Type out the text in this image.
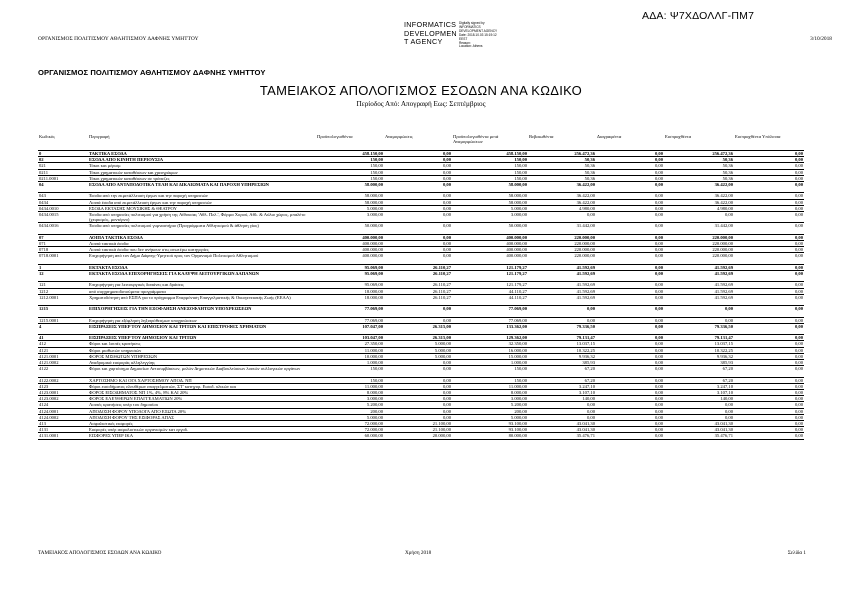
ΑΔΑ: Ψ7ΧΔΟΛΛΓ-ΠΜ7
ΟΡΓΑΝΙΣΜΟΣ ΠΟΛΙΤΙΣΜΟΥ ΑΘΛΗΤΙΣΜΟΥ ΔΑΦΝΗΣ ΥΜΗΤΤΟΥ	3/10/2018
INFORMATICS
DEVELOPMEN
T AGENCY
Digitally signed by
INFORMATICS
DEVELOPMENT AGENCY
Date: 2018.10.03 15:19:12
EEST
Reason:
Location: Athens
ΟΡΓΑΝΙΣΜΟΣ ΠΟΛΙΤΙΣΜΟΥ ΑΘΛΗΤΙΣΜΟΥ ΔΑΦΝΗΣ ΥΜΗΤΤΟΥ
ΤΑΜΕΙΑΚΟΣ ΑΠΟΛΟΓΙΣΜΟΣ ΕΣΟΔΩΝ ΑΝΑ ΚΩΔΙΚΟ
Περίοδος Από: Απογραφή Εως: Σεπτέμβριος
Κωδικός	Περιγραφή	Προϋπολογισθέντα	Αναμορφώσεις	Προϋπολογισθέντα μετά Αναμορφώσεων	Βεβαιωθέντα	Διαγραφέντα	Εισπραχθέντα	Εισπραχθέντα Υπόλοιπα
0	ΤΑΚΤΙΚΑ ΕΣΟΔΑ	458.150,00	0,00	458.150,00	256.472,36	0,00	256.472,36	0,00
02	ΕΣΟΔΑ ΑΠΟ ΚΙΝΗΤΗ ΠΕΡΙΟΥΣΙΑ	150,00	0,00	150,00	50,36	0,00	50,36	0,00
021	Τόκοι και μέρισμ	150,00	0,00	150,00	50,36	0,00	50,36	0,00
0211	Τόκοι χρηματικών καταθέσεων και χρεογράφων	150,00	0,00	150,00	50,36	0,00	50,36	0,00
0211.0001	Τόκοι χρηματικών καταθέσεων σε τράπεζες	150,00	0,00	150,00	50,36	0,00	50,36	0,00
04	ΕΣΟΔΑ ΑΠΟ ΑΝΤΑΠΟΔΟΤΙΚΑ ΤΕΛΗ ΚΑΙ ΔΙΚΑΙΩΜΑΤΑ ΚΑΙ ΠΑΡΟΧΗ ΥΠΗΡΕΣΙΩΝ	58.000,00	0,00	58.000,00	36.422,00	0,00	36.422,00	0,00
043	Έσοδα από την εκμετάλλευση έργων και την παροχή υπηρεσιών	58.000,00	0,00	58.000,00	36.422,00	0,00	36.422,00	0,00
0434	Λοιπά έσοδα από εκμετάλλευση έργων και την παροχή υπηρεσιών	58.000,00	0,00	58.000,00	36.422,00	0,00	36.422,00	0,00
0434.0010	ΕΣΟΔΑ ΕΚΤΑΣΗΣ ΜΟΥΣΙΚΗΣ & ΘΕΑΤΡΟΥ	5.000,00	0,00	5.000,00	4.980,00	0,00	4.980,00	0,00
0434.0015	Έσοδα από υπηρεσίες πολιτισμού για χρήση της Αίθουσας 'Αθλ. Πελ.', Φόρμα Χορού, Αθλ. & Αύλιο χώρος, μπαλέτο (χειρισμός, μοντέρνο)	3.000,00	0,00	3.000,00	0,00	0,00	0,00	0,00
0434.0016	Έσοδα από υπηρεσίες πολιτισμού γυμναστήριο (Προγράμματα Αθλητισμού & άθληση γίας)	50.000,00	0,00	50.000,00	31.442,00	0,00	31.442,00	0,00
07	ΛΟΙΠΑ ΤΑΚΤΙΚΑ ΕΣΟΔΑ	400.000,00	0,00	400.000,00	220.000,00	0,00	220.000,00	0,00
071	Λοιπά τακτικά έσοδα	400.000,00	0,00	400.000,00	220.000,00	0,00	220.000,00	0,00
0718	Λοιπά τακτικά έσοδα που δεν ανήκουν στις ανωτέρω κατηγορίες	400.000,00	0,00	400.000,00	220.000,00	0,00	220.000,00	0,00
0718.0001	Επιχορήγηση από τον Δήμο Δάφνης-Υμηττού προς τον Οργανισμό Πολιτισμού Αθλητισμού	400.000,00	0,00	400.000,00	220.000,00	0,00	220.000,00	0,00
1	ΕΚΤΑΚΤΑ ΕΣΟΔΑ	95.069,00	26.110,27	121.179,27	41.592,69	0,00	41.592,69	0,00
12	ΕΚΤΑΚΤΑ ΕΣΟΔΑ ΕΠΙΧΟΡΗΓΗΣΕΙΣ ΓΙΑ ΚΑΛΥΨΗ ΛΕΙΤΟΥΡΓΙΚΩΝ ΔΑΠΑΝΩΝ	95.069,00	26.110,27	121.179,27	41.592,69	0,00	41.592,69	0,00
121	Επιχορήγηση για λειτουργικές δαπάνες και δράσεις	95.069,00	26.110,27	121.179,27	41.592,69	0,00	41.592,69	0,00
1212	από συγχρηματοδοτούμενα προγράμματα	18.000,00	26.110,27	44.110,27	41.592,69	0,00	41.592,69	0,00
1212.0001	Χρηματοδότηση από ΕΣΠΑ για το πρόγραμμα Εναρμόνιση Επαγγελματικής & Οικογενειακής Ζωής (ΕΕΑΑ)	18.000,00	26.110,27	44.110,27	41.592,69	0,00	41.592,69	0,00
1215	ΕΠΙΧΟΡΗΓΗΣΕΙΣ ΓΙΑ ΤΗΝ ΕΞΟΦΛΗΣΗ ΑΝΕΞΟΦΛΗΤΩΝ ΥΠΟΧΡΕΩΣΕΩΝ	77.069,00	0,00	77.069,00	0,00	0,00	0,00	0,00
1215.0001	Επιχορήγηση για εξόφληση ληξιπρόθεσμων υποχρεώσεων	77.069,00	0,00	77.069,00	0,00	0,00	0,00	0,00
4	ΕΙΣΠΡΑΞΕΙΣ ΥΠΕΡ ΤΟΥ ΔΗΜΟΣΙΟΥ ΚΑΙ ΤΡΙΤΩΝ ΚΑΙ ΕΠΙΣΤΡΟΦΕΣ ΧΡΗΜΑΤΩΝ	107.047,00	26.315,00	133.362,00	79.336,50	0,00	79.336,50	0,00
41	ΕΙΣΠΡΑΞΕΙΣ ΥΠΕΡ ΤΟΥ ΔΗΜΟΣΙΟΥ ΚΑΙ ΤΡΙΤΩΝ	103.047,00	26.315,00	129.362,00	79.131,47	0,00	79.131,47	0,00
412	Φόροι και λοιπές κρατήσεις	27.350,00	5.000,00	32.350,00	13.037,15	0,00	13.037,15	0,00
4121	Φόροι μισθωτών υπηρεσιών	11.000,00	5.000,00	16.000,00	10.322,25	0,00	10.322,25	0,00
4121.0001	ΦΟΡΟΣ ΜΙΣΘΩΤΩΝ ΥΠΗΡΕΣΙΩΝ	10.000,00	5.000,00	15.000,00	9.936,32	0,00	9.936,32	0,00
4121.0002	Αναδρομικά εισφοράς αλληλεγγύης	1.000,00	0,00	1.000,00	385,93	0,00	385,93	0,00
4122	Φόροι και χαρτόσημο Δημοσίων Αντισυμβάσεων, μελών Δημοτικών Διαβουλεύσεων λοιπών συλλογικών οργάνων	150,00	0,00	150,00	67,20	0,00	67,20	0,00
4122.0002	ΧΑΡΤΟΣΗΜΟ ΚΑΙ ΟΓΑ ΧΑΡΤΟΣΗΜΟΥ ΑΠΟΔ. ΝΠ	150,00	0,00	150,00	67,20	0,00	67,20	0,00
4123	Φόροι εισοδήματος ελευθέρων επαγγελματιών, ΣΤ' κατηγορ. Εισοδ. υλικών και	11.000,00	0,00	11.000,00	3.247,10	0,00	3.247,10	0,00
4123.0001	ΦΟΡΟΣ ΕΙΣΟΔΗΜΑΤΟΣ ΝΠ 1%, 4%, 8% ΚΑΙ 20%	8.000,00	0,00	8.000,00	3.107,10	0,00	3.107,10	0,00
4123.0002	ΦΟΡΟΣ ΕΛΕΥΘΕΡΩΝ ΕΠΑΓΓΕΛΜΑΤΙΩΝ 20%	3.000,00	0,00	3.000,00	140,00	0,00	140,00	0,00
4124	Λοιπές κρατήσεις υπέρ του δημοσίου	5.200,00	0,00	5.200,00	0,00	0,00	0,00	0,00
4124.0001	ΑΠΟΔΟΣΗ ΦΟΡΟΥ ΥΠΟΛΟΓΑ ΑΠΟ ΕΞΩΤΑ 20%	200,00	0,00	200,00	0,00	0,00	0,00	0,00
4124.0002	ΑΠΟΔΟΣΗ ΦΟΡΟΥ ΤΗΣ ΕΙΣΦΟΡΑΣ ΑΠΑΣ	5.000,00	0,00	5.000,00	0,00	0,00	0,00	0,00
413	Ασφαλιστικές εισφορές	72.000,00	21.100,00	93.100,00	43.041,30	0,00	43.041,30	0,00
4131	Εισφορές υπέρ ασφαλιστικών οργανισμών κατ εργοδ.	72.000,00	21.100,00	93.100,00	43.041,30	0,00	43.041,30	0,00
4131.0001	ΕΙΣΦΟΡΕΣ ΥΠΕΡ ΙΚΑ	60.000,00	20.000,00	80.000,00	35.476,71	0,00	35.476,71	0,00
ΤΑΜΕΙΑΚΟΣ ΑΠΟΛΟΓΙΣΜΟΣ ΕΣΟΔΩΝ ΑΝΑ ΚΩΔΙΚΟ	Χρήση 2018	Σελίδα 1
